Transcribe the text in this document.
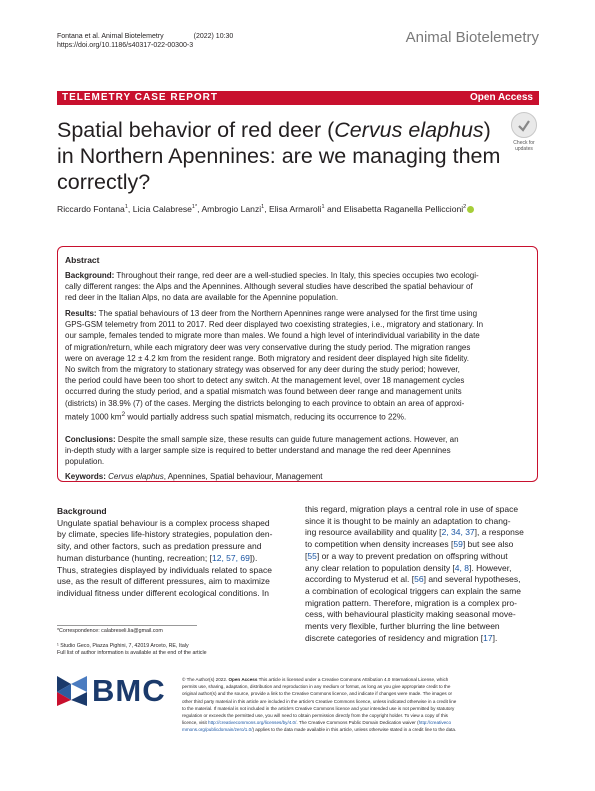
Fontana et al. Animal Biotelemetry	(2022) 10:30
https://doi.org/10.1186/s40317-022-00300-3	Animal Biotelemetry
TELEMETRY CASE REPORT	Open Access
Spatial behavior of red deer (Cervus elaphus)
in Northern Apennines: are we managing them
correctly?
Check for updates
Riccardo Fontana$^1$, Licia Calabrese$^{1*}$, Ambrogio Lanzi$^1$, Elisa Armaroli$^1$ and Elisabetta Raganella Pelliccioni$^2$
Abstract

Background: Throughout their range, red deer are a well-studied species. In Italy, this species occupies two ecologi-
cally different ranges: the Alps and the Apennines. Although several studies have described the spatial behaviour of
red deer in the Italian Alps, no data are available for the Apennine population.

Results: The spatial behaviours of 13 deer from the Northern Apennines range were analysed for the first time using
GPS-GSM telemetry from 2011 to 2017. Red deer displayed two coexisting strategies, i.e., migratory and stationary. In
our sample, females tended to migrate more than males. We found a high level of interindividual variability in the date
of migration/return, while each migratory deer was very conservative during the study period. The migration ranges
were on average 12 ± 4.2 km from the resident range. Both migratory and resident deer displayed high site fidelity.
No switch from the migratory to stationary strategy was observed for any deer during the study period; however,
the period could have been too short to detect any switch. At the management level, over 18 management cycles
occurred during the study period, and a spatial mismatch was found between deer range and management units
(districts) in 38.9% (7) of the cases. Merging the districts belonging to each province to obtain an area of approxi-
mately 1000 $km^2$ would partially address such spatial mismatch, reducing its occurrence to 22%.

Conclusions: Despite the small sample size, these results can guide future management actions. However, an
in-depth study with a larger sample size is required to better understand and manage the red deer Apennines
population.

Keywords: Cervus elaphus, Apennines, Spatial behaviour, Management

Background
Ungulate spatial behaviour is a complex process shaped
by climate, species life-history strategies, population den-
sity, and other factors, such as predation pressure and
human disturbance (hunting, recreation; [12, 57, 69]).
Thus, strategies displayed by individuals related to space
use, as the result of different pressures, aim to maximize
individual fitness under different ecological conditions. In
this regard, migration plays a central role in use of space
since it is thought to be mainly an adaptation to chang-
ing resource availability and quality [2, 34, 37], a response
to competition when density increases [59] but see also
[55] or a way to prevent predation on offspring without
any clear relation to population density [4, 8]. However,
according to Mysterud et al. [56] and several hypotheses,
a combination of ecological triggers can explain the same
migration pattern. Therefore, migration is a complex pro-
cess, with behavioural plasticity making seasonal move-
ments very flexible, further blurring the line between
discrete categories of residency and migration [17].
*Correspondence: calabreseli.lia@gmail.com
¹ Studio Geco, Piazza Pighini, 7, 42019 Arceto, RE, Italy
Full list of author information is available at the end of the article
BMC	© The Author(s) 2022. Open Access This article is licensed under a Creative Commons Attribution 4.0 International License, which
permits use, sharing, adaptation, distribution and reproduction in any medium or format, as long as you give appropriate credit to the
original author(s) and the source, provide a link to the Creative Commons licence, and indicate if changes were made. The images or
other third party material in this article are included in the article's Creative Commons licence, unless indicated otherwise in a credit line
to the material. If material is not included in the article's Creative Commons licence and your intended use is not permitted by statutory
regulation or exceeds the permitted use, you will need to obtain permission directly from the copyright holder. To view a copy of this
licence, visit http://creativecommons.org/licenses/by/4.0/. The Creative Commons Public Domain Dedication waiver (http://creativeco
mmons.org/publicdomain/zero/1.0/) applies to the data made available in this article, unless otherwise stated in a credit line to the data.
